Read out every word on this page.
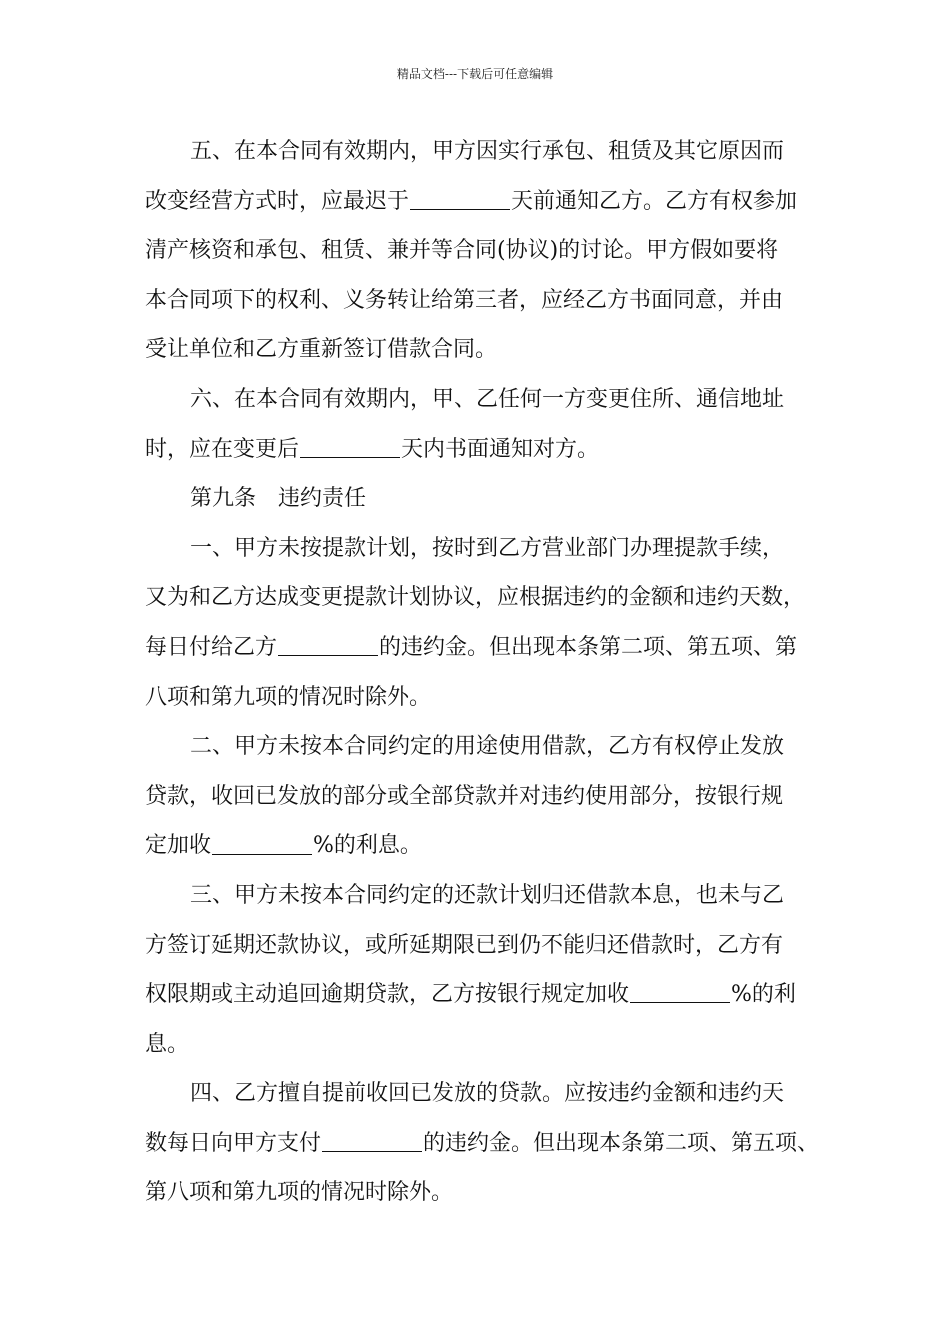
精品文档---下载后可任意编辑
五、在本合同有效期内，甲方因实行承包、租赁及其它原因而
改变经营方式时，应最迟于	天前通知乙方。乙方有权参加
清产核资和承包、租赁、兼并等合同(协议)的讨论。甲方假如要将
本合同项下的权利、义务转让给第三者，应经乙方书面同意，并由
受让单位和乙方重新签订借款合同。
六、在本合同有效期内，甲、乙任何一方变更住所、通信地址
时，应在变更后	天内书面通知对方。
第九条　违约责任
一、甲方未按提款计划，按时到乙方营业部门办理提款手续，
又为和乙方达成变更提款计划协议，应根据违约的金额和违约天数，
每日付给乙方	的违约金。但出现本条第二项、第五项、第
八项和第九项的情况时除外。
二、甲方未按本合同约定的用途使用借款，乙方有权停止发放
贷款，收回已发放的部分或全部贷款并对违约使用部分，按银行规
定加收	%的利息。
三、甲方未按本合同约定的还款计划归还借款本息，也未与乙
方签订延期还款协议，或所延期限已到仍不能归还借款时，乙方有
权限期或主动追回逾期贷款，乙方按银行规定加收	%的利
息。
四、乙方擅自提前收回已发放的贷款。应按违约金额和违约天
数每日向甲方支付	的违约金。但出现本条第二项、第五项、
第八项和第九项的情况时除外。
